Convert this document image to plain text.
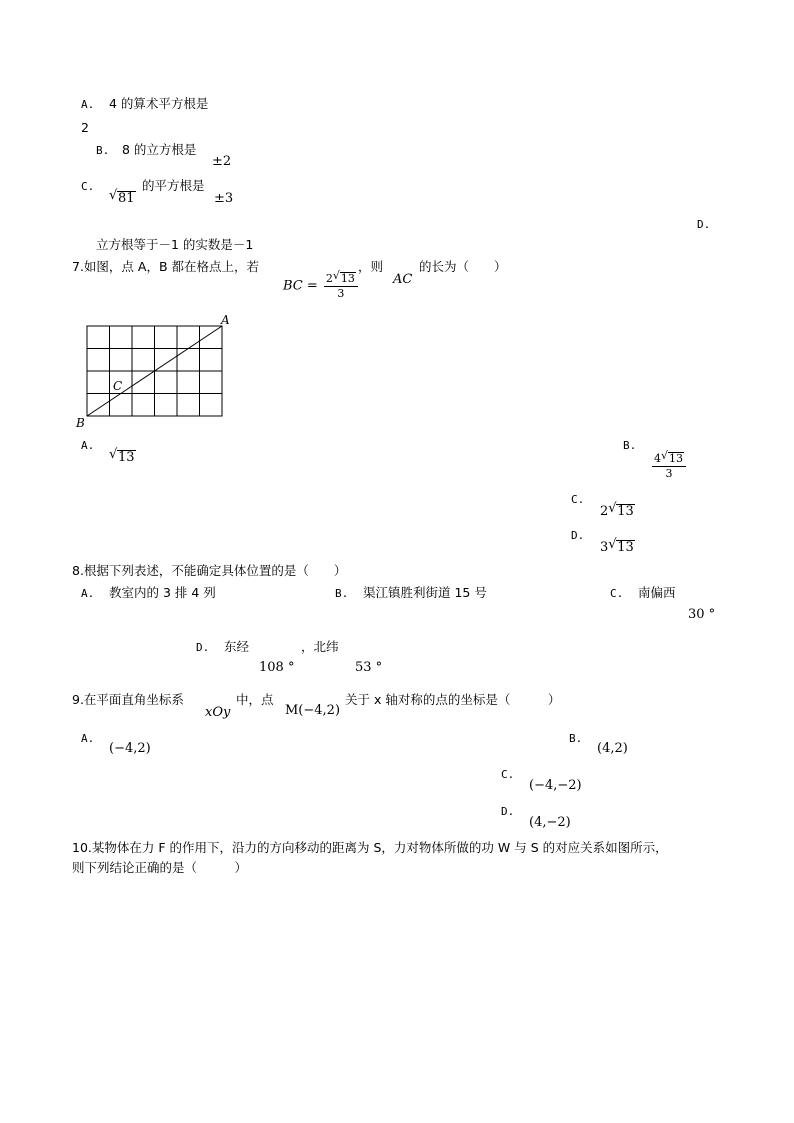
A. 4 的算术平方根是
2
B. 8 的立方根是
±2
C.
√ 81
的平方根是
±3
D.
立方根等于－1 的实数是－1
7.如图，点 A，B 都在格点上，若
BC = $\frac{2 √ 13}{3}$
，则
AC
的长为（　　）
A
B
C
A.
√ 13
B.
$\frac{4 √ 13}{3}$
C.
2 √ 13
D.
3 √ 13
8.根据下列表述，不能确定具体位置的是（　　）
A. 教室内的 3 排 4 列	B. 渠江镇胜利街道 15 号	C. 南偏西
30 °
D. 东经
108 °
，北纬
53 °
9.在平面直角坐标系
xOy
中，点
M(−4,2)
关于 x 轴对称的点的坐标是（　　　）
A.
(−4,2)
B.
(4,2)
C.
(−4,−2)
D.
(4,−2)
10.某物体在力 F 的作用下，沿力的方向移动的距离为 S，力对物体所做的功 W 与 S 的对应关系如图所示，
则下列结论正确的是（　　　）
